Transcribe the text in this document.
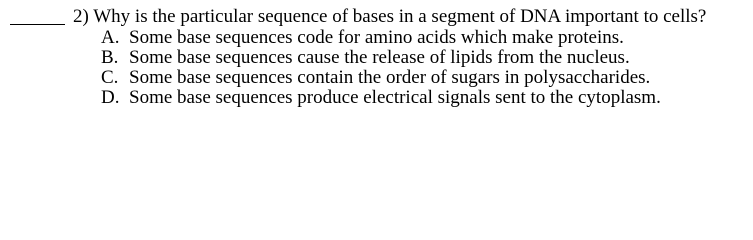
2) Why is the particular sequence of bases in a segment of DNA important to cells?
A. Some base sequences code for amino acids which make proteins.
B. Some base sequences cause the release of lipids from the nucleus.
C. Some base sequences contain the order of sugars in polysaccharides.
D. Some base sequences produce electrical signals sent to the cytoplasm.
